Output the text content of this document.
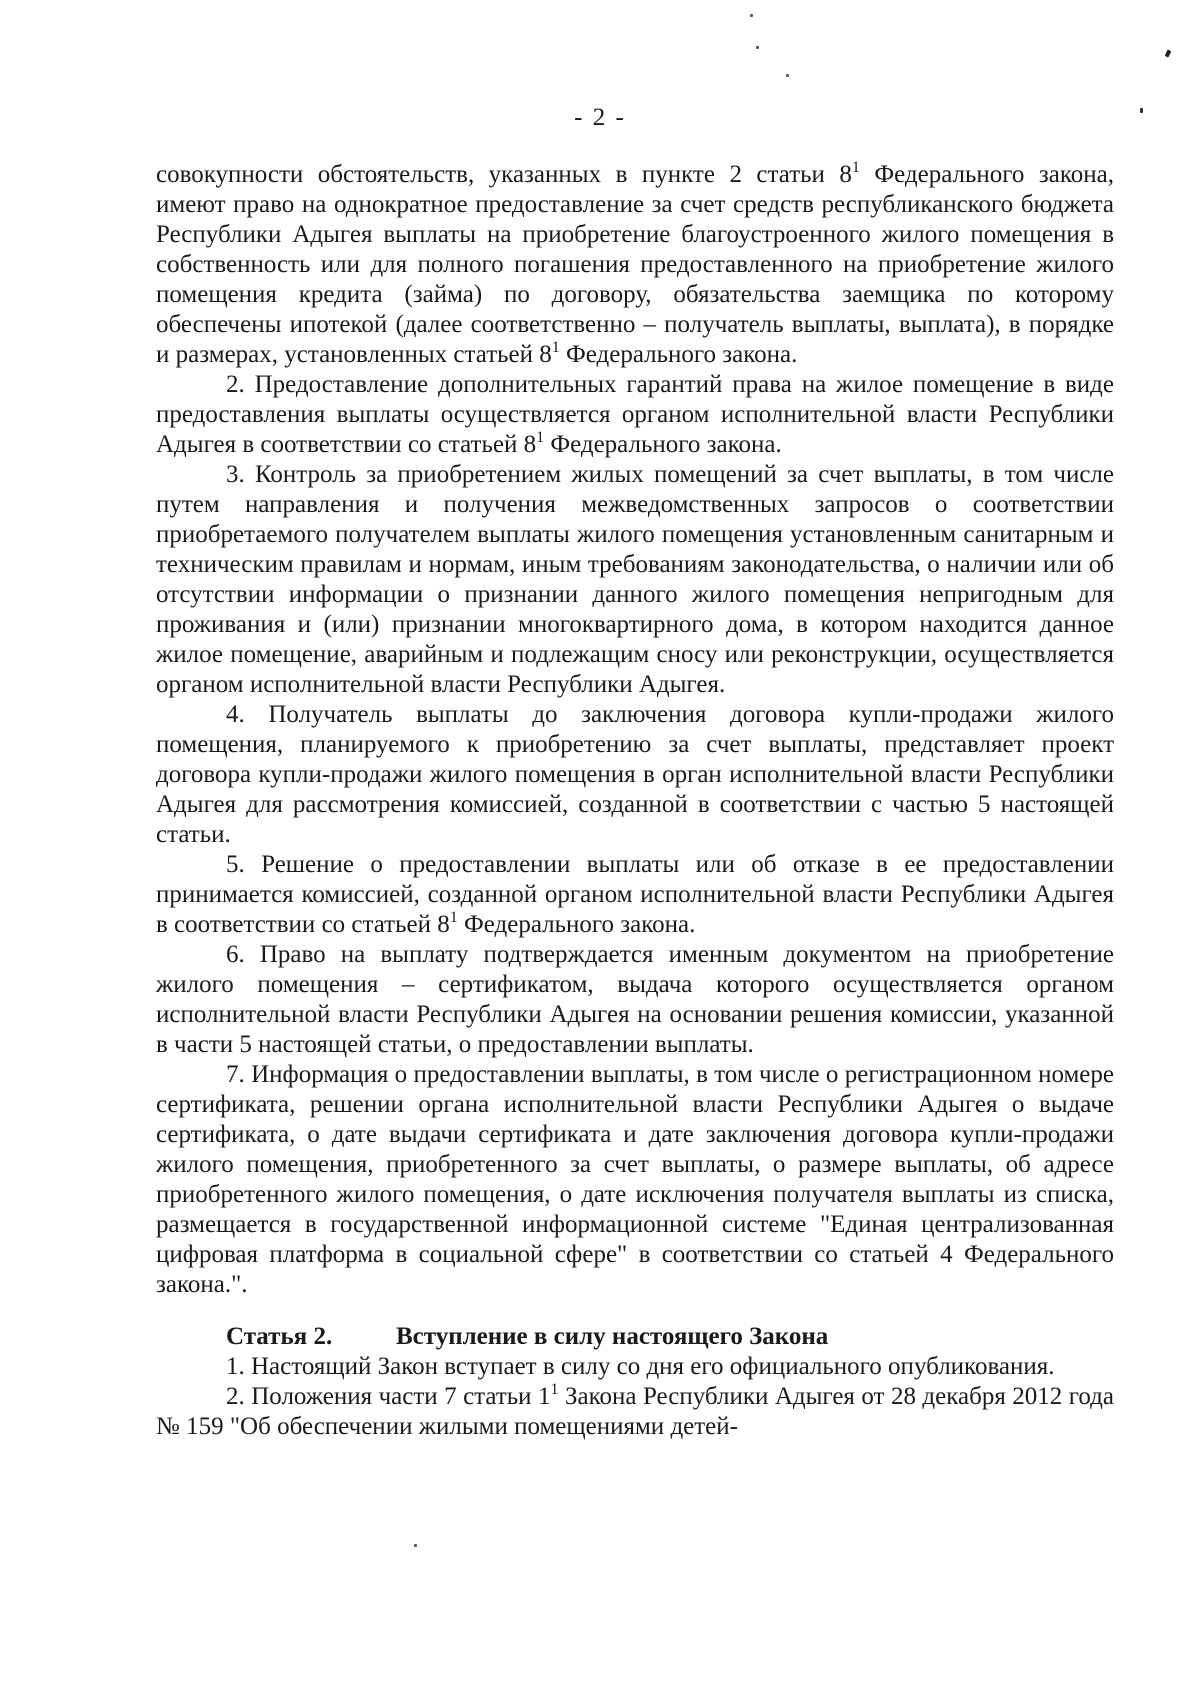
- 2 -

совокупности обстоятельств, указанных в пункте 2 статьи $8^1$ Федерального закона, имеют право на однократное предоставление за счет средств республиканского бюджета Республики Адыгея выплаты на приобретение благоустроенного жилого помещения в собственность или для полного погашения предоставленного на приобретение жилого помещения кредита (займа) по договору, обязательства заемщика по которому обеспечены ипотекой (далее соответственно – получатель выплаты, выплата), в порядке и размерах, установленных статьей $8^1$ Федерального закона.

2. Предоставление дополнительных гарантий права на жилое помещение в виде предоставления выплаты осуществляется органом исполнительной власти Республики Адыгея в соответствии со статьей $8^1$ Федерального закона.

3. Контроль за приобретением жилых помещений за счет выплаты, в том числе путем направления и получения межведомственных запросов о соответствии приобретаемого получателем выплаты жилого помещения установленным санитарным и техническим правилам и нормам, иным требованиям законодательства, о наличии или об отсутствии информации о признании данного жилого помещения непригодным для проживания и (или) признании многоквартирного дома, в котором находится данное жилое помещение, аварийным и подлежащим сносу или реконструкции, осуществляется органом исполнительной власти Республики Адыгея.

4. Получатель выплаты до заключения договора купли-продажи жилого помещения, планируемого к приобретению за счет выплаты, представляет проект договора купли-продажи жилого помещения в орган исполнительной власти Республики Адыгея для рассмотрения комиссией, созданной в соответствии с частью 5 настоящей статьи.

5. Решение о предоставлении выплаты или об отказе в ее предоставлении принимается комиссией, созданной органом исполнительной власти Республики Адыгея в соответствии со статьей $8^1$ Федерального закона.

6. Право на выплату подтверждается именным документом на приобретение жилого помещения – сертификатом, выдача которого осуществляется органом исполнительной власти Республики Адыгея на основании решения комиссии, указанной в части 5 настоящей статьи, о предоставлении выплаты.

7. Информация о предоставлении выплаты, в том числе о регистрационном номере сертификата, решении органа исполнительной власти Республики Адыгея о выдаче сертификата, о дате выдачи сертификата и дате заключения договора купли-продажи жилого помещения, приобретенного за счет выплаты, о размере выплаты, об адресе приобретенного жилого помещения, о дате исключения получателя выплаты из списка, размещается в государственной информационной системе "Единая централизованная цифровая платформа в социальной сфере" в соответствии со статьей 4 Федерального закона.".

Статья 2.	Вступление в силу настоящего Закона

1. Настоящий Закон вступает в силу со дня его официального опубликования.

2. Положения части 7 статьи $1^1$ Закона Республики Адыгея от 28 декабря 2012 года № 159 "Об обеспечении жилыми помещениями детей-
